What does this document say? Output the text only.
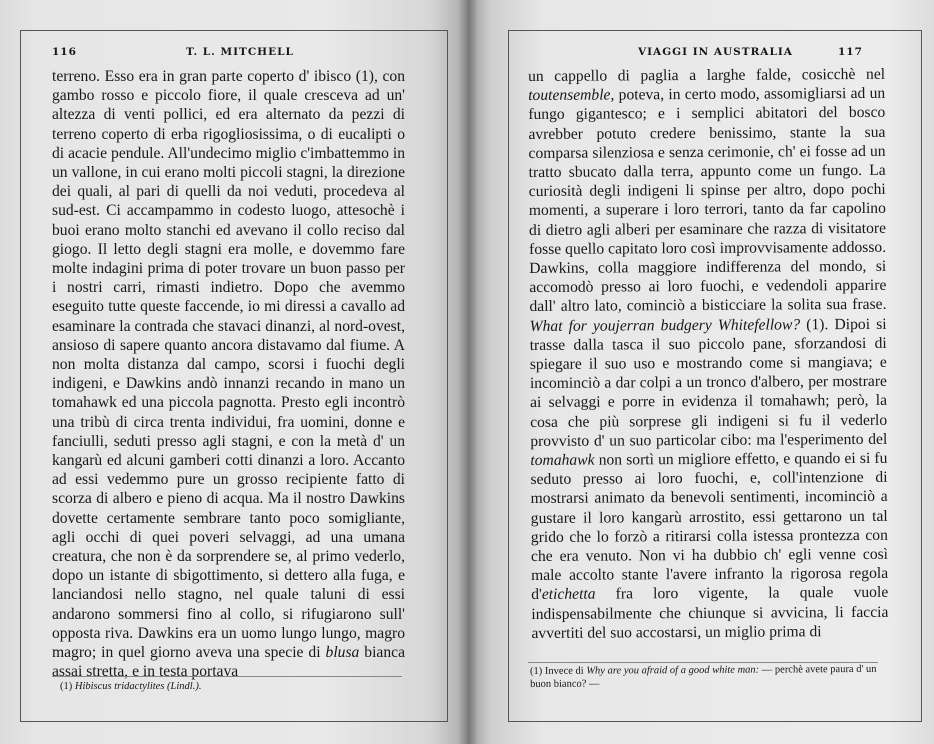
116	T. L. MITCHELL

terreno. Esso era in gran parte coperto d' ibisco (1), con gambo rosso e piccolo fiore, il quale cresceva ad un' altezza di venti pollici, ed era alternato da pezzi di terreno coperto di erba rigogliosissima, o di eucalipti o di acacie pendule. All'undecimo miglio c'imbattemmo in un vallone, in cui erano molti piccoli stagni, la direzione dei quali, al pari di quelli da noi veduti, procedeva al sud-est. Ci accampammo in codesto luogo, attesochè i buoi erano molto stanchi ed avevano il collo reciso dal giogo. Il letto degli stagni era molle, e dovemmo fare molte indagini prima di poter trovare un buon passo per i nostri carri, rimasti indietro. Dopo che avemmo eseguito tutte queste faccende, io mi diressi a cavallo ad esaminare la contrada che stavaci dinanzi, al nord-ovest, ansioso di sapere quanto ancora distavamo dal fiume. A non molta distanza dal campo, scorsi i fuochi degli indigeni, e Dawkins andò innanzi recando in mano un tomahawk ed una piccola pagnotta. Presto egli incontrò una tribù di circa trenta individui, fra uomini, donne e fanciulli, seduti presso agli stagni, e con la metà d' un kangarù ed alcuni gamberi cotti dinanzi a loro. Accanto ad essi vedemmo pure un grosso recipiente fatto di scorza di albero e pieno di acqua. Ma il nostro Dawkins dovette certamente sembrare tanto poco somigliante, agli occhi di quei poveri selvaggi, ad una umana creatura, che non è da sorprendere se, al primo vederlo, dopo un istante di sbigottimento, si dettero alla fuga, e lanciandosi nello stagno, nel quale taluni di essi andarono sommersi fino al collo, si rifugiarono sull' opposta riva. Dawkins era un uomo lungo lungo, magro magro; in quel giorno aveva una specie di blusa bianca assai stretta, e in testa portava

(1) Hibiscus tridactylites (Lindl.).
VIAGGI IN AUSTRALIA	117

un cappello di paglia a larghe falde, cosicchè nel toutensemble, poteva, in certo modo, assomigliarsi ad un fungo gigantesco; e i semplici abitatori del bosco avrebber potuto credere benissimo, stante la sua comparsa silenziosa e senza cerimonie, ch' ei fosse ad un tratto sbucato dalla terra, appunto come un fungo. La curiosità degli indigeni li spinse per altro, dopo pochi momenti, a superare i loro terrori, tanto da far capolino di dietro agli alberi per esaminare che razza di visitatore fosse quello capitato loro così improvvisamente addosso. Dawkins, colla maggiore indifferenza del mondo, si accomodò presso ai loro fuochi, e vedendoli apparire dall' altro lato, cominciò a bisticciare la solita sua frase. What for youjerran budgery Whitefellow? (1). Dipoi si trasse dalla tasca il suo piccolo pane, sforzandosi di spiegare il suo uso e mostrando come si mangiava; e incominciò a dar colpi a un tronco d'albero, per mostrare ai selvaggi e porre in evidenza il tomahawh; però, la cosa che più sorprese gli indigeni si fu il vederlo provvisto d' un suo particolar cibo: ma l'esperimento del tomahawk non sortì un migliore effetto, e quando ei si fu seduto presso ai loro fuochi, e, coll'intenzione di mostrarsi animato da benevoli sentimenti, incominciò a gustare il loro kangarù arrostito, essi gettarono un tal grido che lo forzò a ritirarsi colla istessa prontezza con che era venuto. Non vi ha dubbio ch' egli venne così male accolto stante l'avere infranto la rigorosa regola d'etichetta fra loro vigente, la quale vuole indispensabilmente che chiunque si avvicina, li faccia avvertiti del suo accostarsi, un miglio prima di

(1) Invece di Why are you afraid of a good white man: — perchè avete paura d' un buon bianco? —
